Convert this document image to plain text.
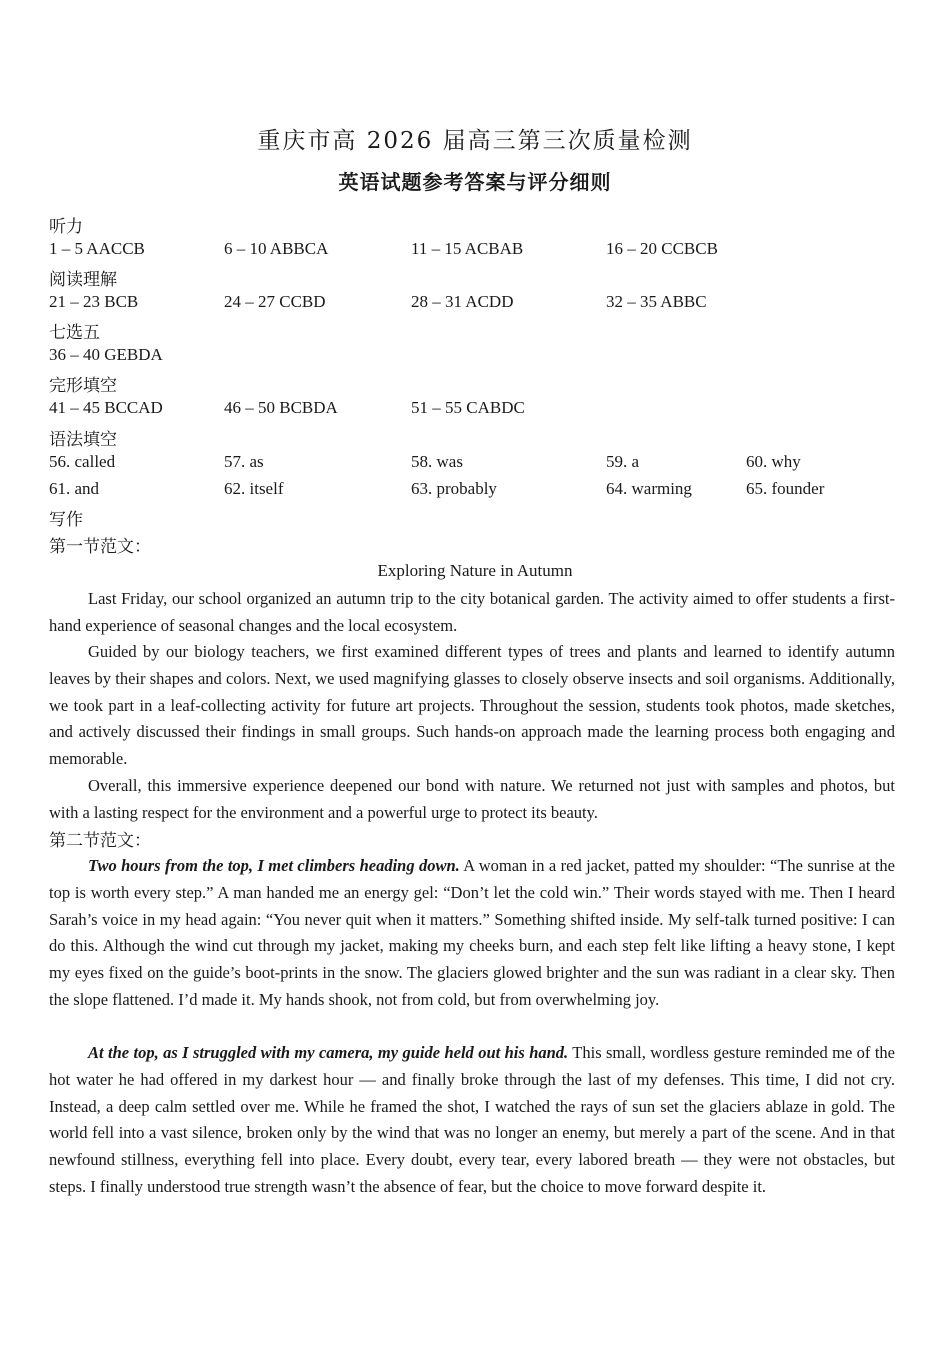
重庆市高 2026 届高三第三次质量检测
英语试题参考答案与评分细则
听力
1 – 5 AACCB	6 – 10 ABBCA	11 – 15 ACBAB	16 – 20 CCBCB
阅读理解
21 – 23 BCB	24 – 27 CCBD	28 – 31 ACDD	32 – 35 ABBC
七选五
36 – 40 GEBDA
完形填空
41 – 45 BCCAD	46 – 50 BCBDA	51 – 55 CABDC
语法填空
56. called	57. as	58. was	59. a	60. why
61. and	62. itself	63. probably	64. warming	65. founder
写作
第一节范文：
Exploring Nature in Autumn

Last Friday, our school organized an autumn trip to the city botanical garden. The activity aimed to offer students a first-hand experience of seasonal changes and the local ecosystem.

Guided by our biology teachers, we first examined different types of trees and plants and learned to identify autumn leaves by their shapes and colors. Next, we used magnifying glasses to closely observe insects and soil organisms. Additionally, we took part in a leaf-collecting activity for future art projects. Throughout the session, students took photos, made sketches, and actively discussed their findings in small groups. Such hands-on approach made the learning process both engaging and memorable.

Overall, this immersive experience deepened our bond with nature. We returned not just with samples and photos, but with a lasting respect for the environment and a powerful urge to protect its beauty.

第二节范文：

Two hours from the top, I met climbers heading down. A woman in a red jacket, patted my shoulder: “The sunrise at the top is worth every step.” A man handed me an energy gel: “Don’t let the cold win.” Their words stayed with me. Then I heard Sarah’s voice in my head again: “You never quit when it matters.” Something shifted inside. My self-talk turned positive: I can do this. Although the wind cut through my jacket, making my cheeks burn, and each step felt like lifting a heavy stone, I kept my eyes fixed on the guide’s boot-prints in the snow. The glaciers glowed brighter and the sun was radiant in a clear sky. Then the slope flattened. I’d made it. My hands shook, not from cold, but from overwhelming joy.

At the top, as I struggled with my camera, my guide held out his hand. This small, wordless gesture reminded me of the hot water he had offered in my darkest hour — and finally broke through the last of my defenses. This time, I did not cry. Instead, a deep calm settled over me. While he framed the shot, I watched the rays of sun set the glaciers ablaze in gold. The world fell into a vast silence, broken only by the wind that was no longer an enemy, but merely a part of the scene. And in that newfound stillness, everything fell into place. Every doubt, every tear, every labored breath — they were not obstacles, but steps. I finally understood true strength wasn’t the absence of fear, but the choice to move forward despite it.
